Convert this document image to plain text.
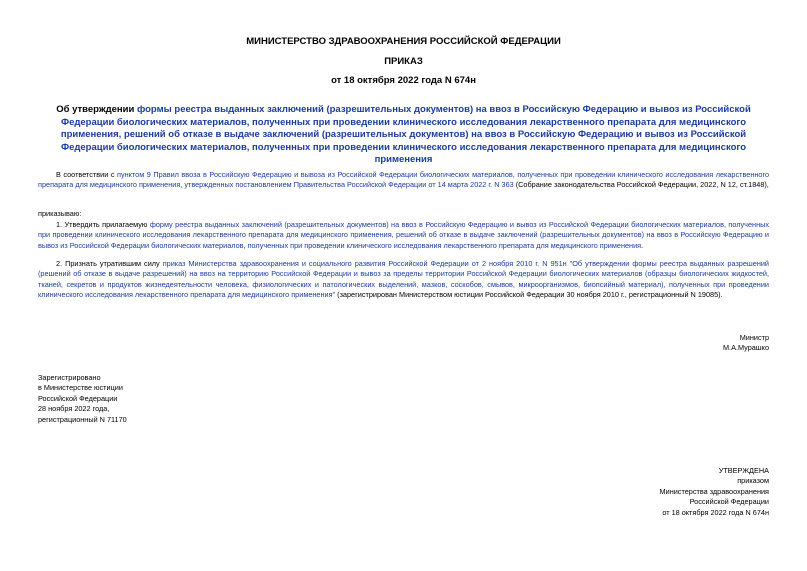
МИНИСТЕРСТВО ЗДРАВООХРАНЕНИЯ РОССИЙСКОЙ ФЕДЕРАЦИИ
ПРИКАЗ
от 18 октября 2022 года N 674н
Об утверждении формы реестра выданных заключений (разрешительных документов) на ввоз в Российскую Федерацию и вывоз из Российской Федерации биологических материалов, полученных при проведении клинического исследования лекарственного препарата для медицинского применения, решений об отказе в выдаче заключений (разрешительных документов) на ввоз в Российскую Федерацию и вывоз из Российской Федерации биологических материалов, полученных при проведении клинического исследования лекарственного препарата для медицинского применения
В соответствии с пунктом 9 Правил ввоза в Российскую Федерацию и вывоза из Российской Федерации биологических материалов, полученных при проведении клинического исследования лекарственного препарата для медицинского применения, утвержденных постановлением Правительства Российской Федерации от 14 марта 2022 г. N 363 (Собрание законодательства Российской Федерации, 2022, N 12, ст.1848),
приказываю:
1. Утвердить прилагаемую форму реестра выданных заключений (разрешительных документов) на ввоз в Российскую Федерацию и вывоз из Российской Федерации биологических материалов, полученных при проведении клинического исследования лекарственного препарата для медицинского применения, решений об отказе в выдаче заключений (разрешительных документов) на ввоз в Российскую Федерацию и вывоз из Российской Федерации биологических материалов, полученных при проведении клинического исследования лекарственного препарата для медицинского применения.
2. Признать утратившим силу приказ Министерства здравоохранения и социального развития Российской Федерации от 2 ноября 2010 г. N 951н "Об утверждении формы реестра выданных разрешений (решений об отказе в выдаче разрешений) на ввоз на территорию Российской Федерации и вывоз за пределы территории Российской Федерации биологических материалов (образцы биологических жидкостей, тканей, секретов и продуктов жизнедеятельности человека, физиологических и патологических выделений, мазков, соскобов, смывов, микроорганизмов, биопсийный материал), полученных при проведении клинического исследования лекарственного препарата для медицинского применения" (зарегистрирован Министерством юстиции Российской Федерации 30 ноября 2010 г., регистрационный N 19085).
Министр
М.А.Мурашко
Зарегистрировано
в Министерстве юстиции
Российской Федерации
28 ноября 2022 года,
регистрационный N 71170
УТВЕРЖДЕНА
приказом
Министерства здравоохранения
Российской Федерации
от 18 октября 2022 года N 674н
